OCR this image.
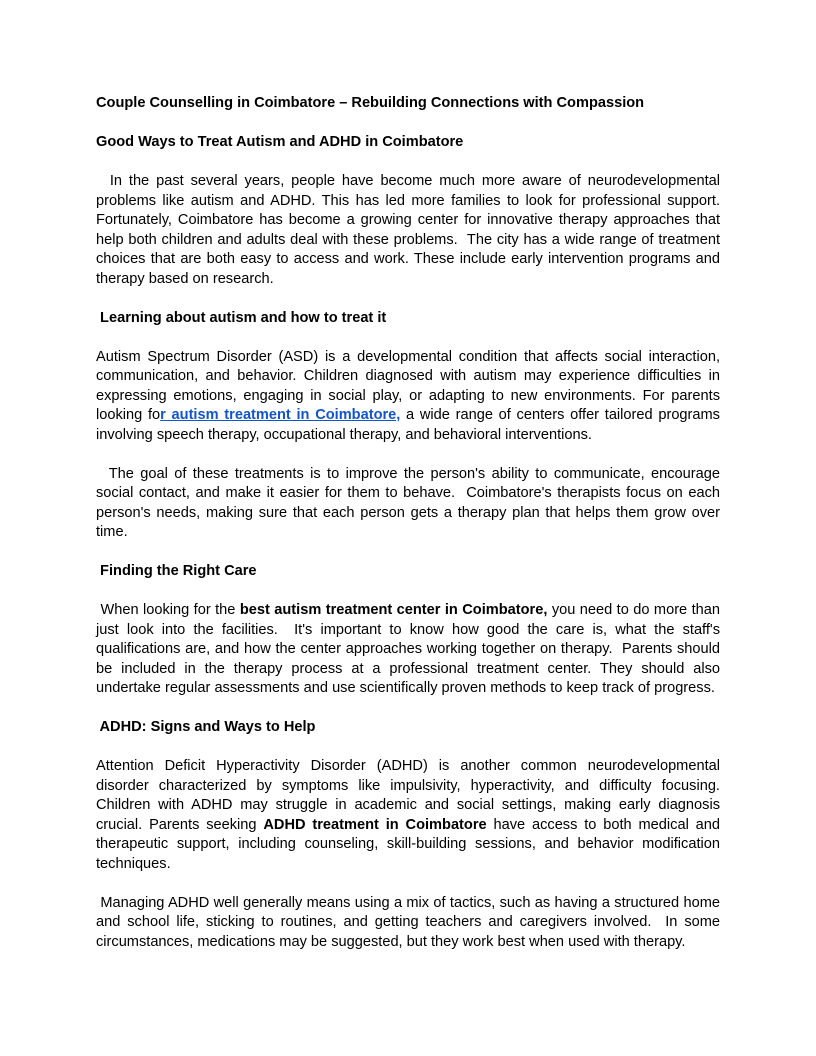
Couple Counselling in Coimbatore – Rebuilding Connections with Compassion

Good Ways to Treat Autism and ADHD in Coimbatore

In the past several years, people have become much more aware of neurodevelopmental problems like autism and ADHD. This has led more families to look for professional support. Fortunately, Coimbatore has become a growing center for innovative therapy approaches that help both children and adults deal with these problems.  The city has a wide range of treatment choices that are both easy to access and work. These include early intervention programs and therapy based on research.

Learning about autism and how to treat it

Autism Spectrum Disorder (ASD) is a developmental condition that affects social interaction, communication, and behavior. Children diagnosed with autism may experience difficulties in expressing emotions, engaging in social play, or adapting to new environments. For parents looking for autism treatment in Coimbatore, a wide range of centers offer tailored programs involving speech therapy, occupational therapy, and behavioral interventions.

The goal of these treatments is to improve the person's ability to communicate, encourage social contact, and make it easier for them to behave.  Coimbatore's therapists focus on each person's needs, making sure that each person gets a therapy plan that helps them grow over time.

Finding the Right Care

When looking for the best autism treatment center in Coimbatore, you need to do more than just look into the facilities.  It's important to know how good the care is, what the staff's qualifications are, and how the center approaches working together on therapy.  Parents should be included in the therapy process at a professional treatment center. They should also undertake regular assessments and use scientifically proven methods to keep track of progress.

ADHD: Signs and Ways to Help

Attention Deficit Hyperactivity Disorder (ADHD) is another common neurodevelopmental disorder characterized by symptoms like impulsivity, hyperactivity, and difficulty focusing. Children with ADHD may struggle in academic and social settings, making early diagnosis crucial. Parents seeking ADHD treatment in Coimbatore have access to both medical and therapeutic support, including counseling, skill-building sessions, and behavior modification techniques.

Managing ADHD well generally means using a mix of tactics, such as having a structured home and school life, sticking to routines, and getting teachers and caregivers involved.  In some circumstances, medications may be suggested, but they work best when used with therapy.
